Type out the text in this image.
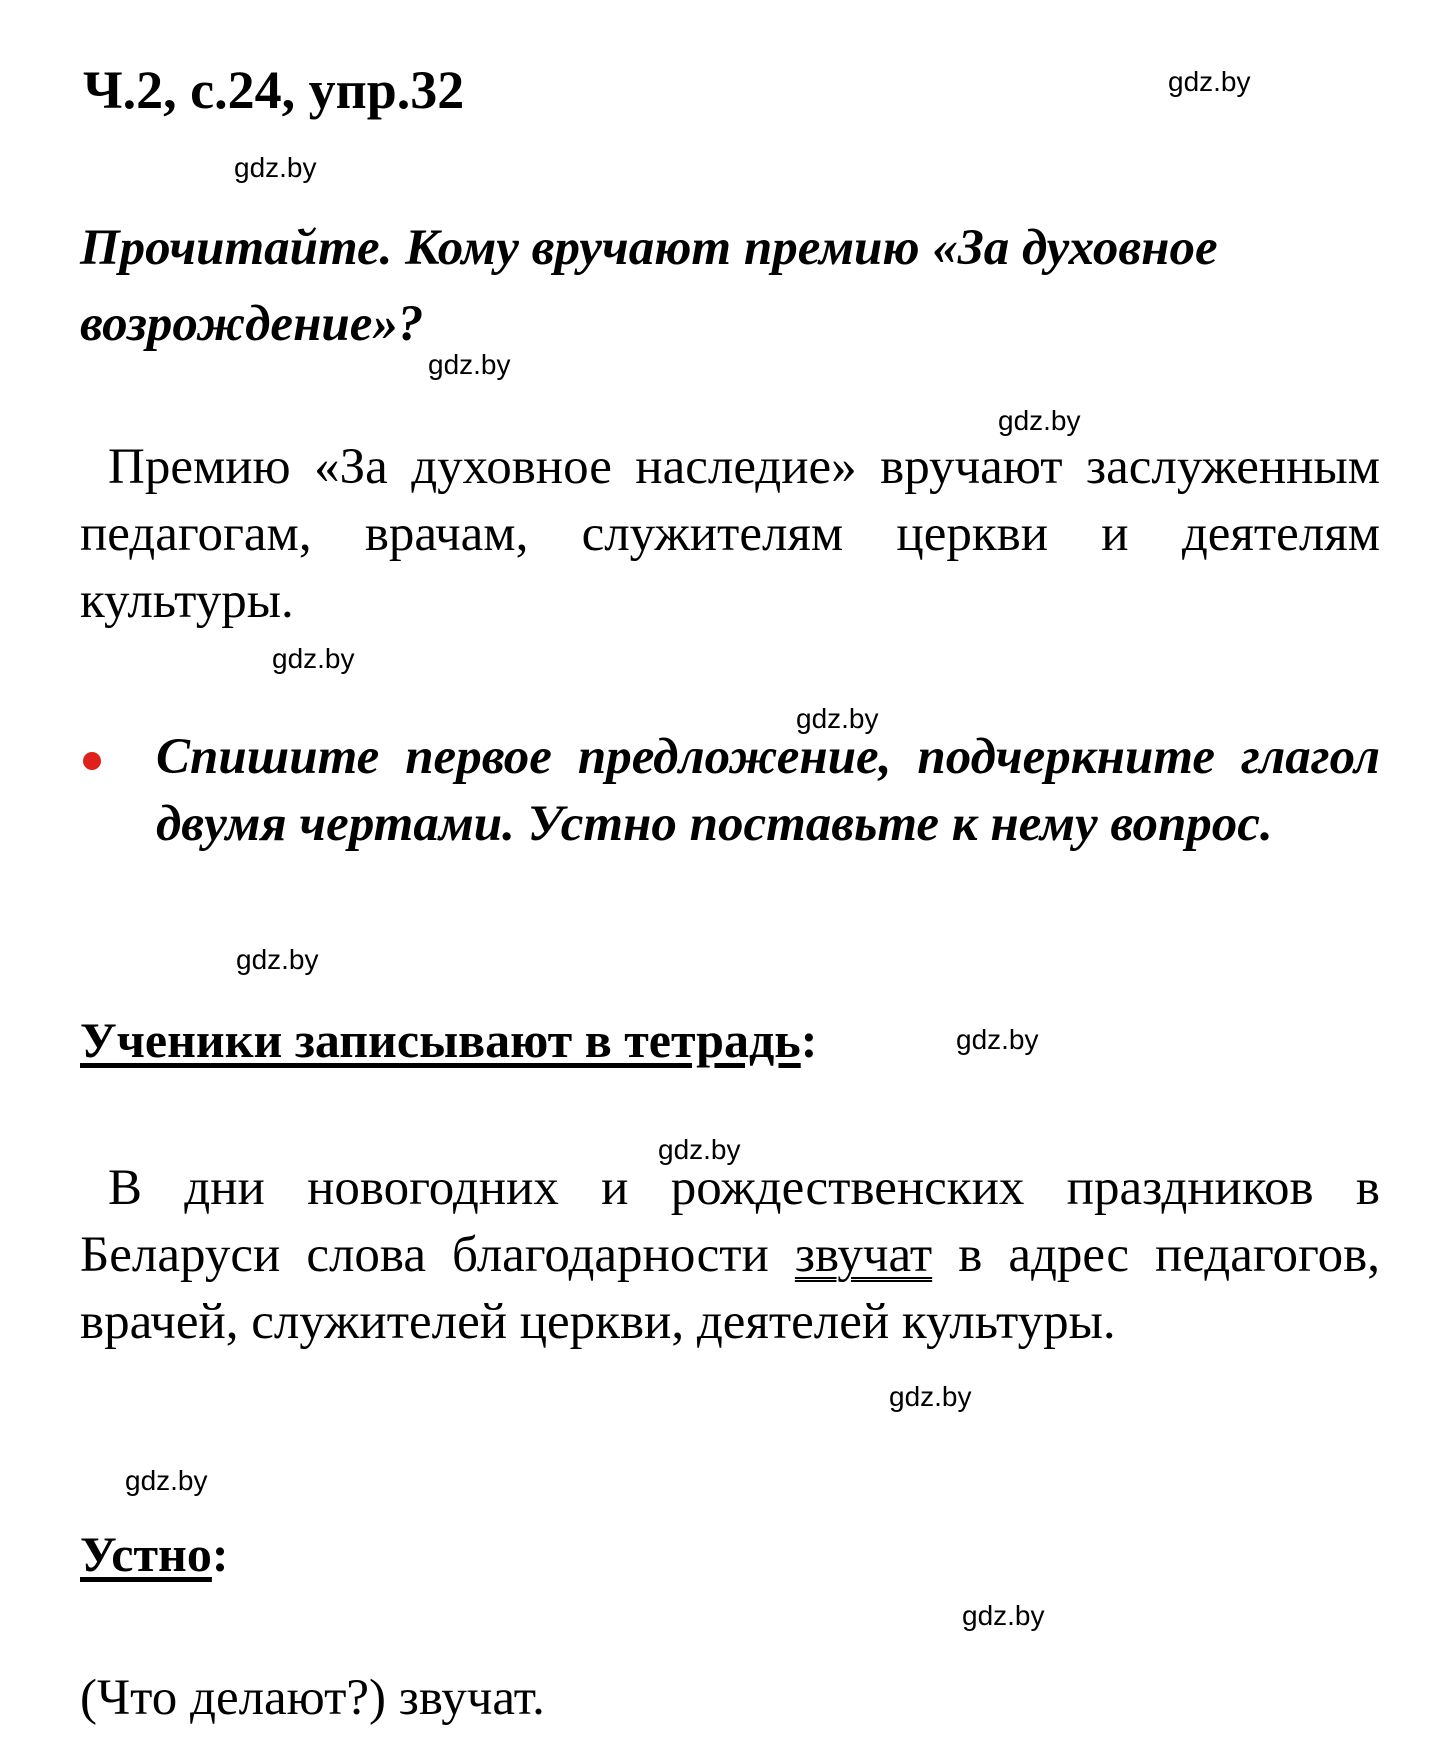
Ч.2, с.24, упр.32
Прочитайте. Кому вручают премию «За духовное возрождение»?
Премию «За духовное наследие» вручают заслуженным педагогам, врачам, служителям церкви и деятелям культуры.
Спишите первое предложение, подчеркните глагол двумя чертами. Устно поставьте к нему вопрос.
Ученики записывают в тетрадь:
В дни новогодних и рождественских праздников в Беларуси слова благодарности звучат в адрес педагогов, врачей, служителей церкви, деятелей культуры.
Устно:
(Что делают?) звучат.
gdz.by
gdz.by
gdz.by
gdz.by
gdz.by
gdz.by
gdz.by
gdz.by
gdz.by
gdz.by
gdz.by
gdz.by
